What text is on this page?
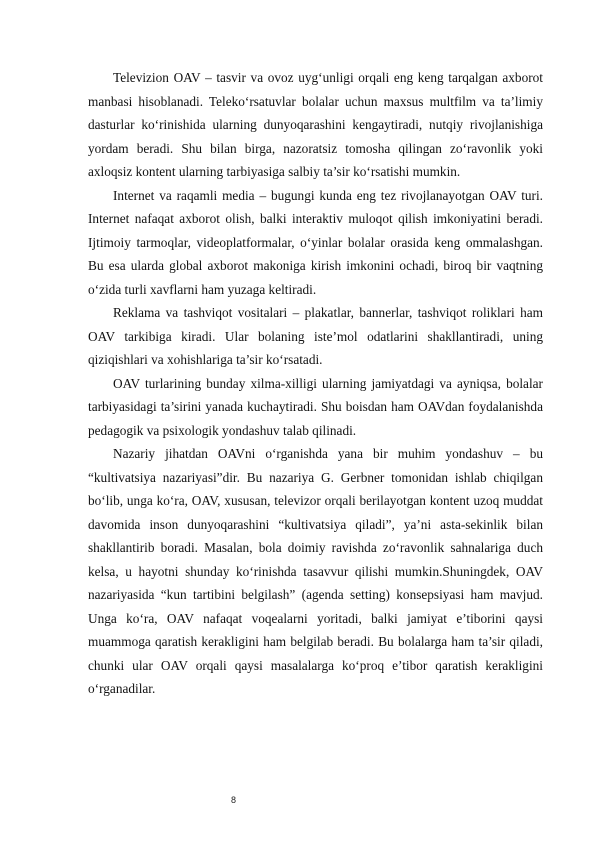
Televizion OAV – tasvir va ovoz uyg‘unligi orqali eng keng tarqalgan axborot manbasi hisoblanadi. Teleko‘rsatuvlar bolalar uchun maxsus multfilm va ta’limiy dasturlar ko‘rinishida ularning dunyoqarashini kengaytiradi, nutqiy rivojlanishiga yordam beradi. Shu bilan birga, nazoratsiz tomosha qilingan zo‘ravonlik yoki axloqsiz kontent ularning tarbiyasiga salbiy ta’sir ko‘rsatishi mumkin.

Internet va raqamli media – bugungi kunda eng tez rivojlanayotgan OAV turi. Internet nafaqat axborot olish, balki interaktiv muloqot qilish imkoniyatini beradi. Ijtimoiy tarmoqlar, videoplatformalar, o‘yinlar bolalar orasida keng ommalashgan. Bu esa ularda global axborot makoniga kirish imkonini ochadi, biroq bir vaqtning o‘zida turli xavflarni ham yuzaga keltiradi.

Reklama va tashviqot vositalari – plakatlar, bannerlar, tashviqot roliklari ham OAV tarkibiga kiradi. Ular bolaning iste’mol odatlarini shakllantiradi, uning qiziqishlari va xohishlariga ta’sir ko‘rsatadi.

OAV turlarining bunday xilma-xilligi ularning jamiyatdagi va ayniqsa, bolalar tarbiyasidagi ta’sirini yanada kuchaytiradi. Shu boisdan ham OAVdan foydalanishda pedagogik va psixologik yondashuv talab qilinadi.

Nazariy jihatdan OAVni o‘rganishda yana bir muhim yondashuv – bu “kultivatsiya nazariyasi”dir. Bu nazariya G. Gerbner tomonidan ishlab chiqilgan bo‘lib, unga ko‘ra, OAV, xususan, televizor orqali berilayotgan kontent uzoq muddat davomida inson dunyoqarashini “kultivatsiya qiladi”, ya’ni asta-sekinlik bilan shakllantirib boradi. Masalan, bola doimiy ravishda zo‘ravonlik sahnalariga duch kelsa, u hayotni shunday ko‘rinishda tasavvur qilishi mumkin.Shuningdek, OAV nazariyasida “kun tartibini belgilash” (agenda setting) konsepsiyasi ham mavjud. Unga ko‘ra, OAV nafaqat voqealarni yoritadi, balki jamiyat e’tiborini qaysi muammoga qaratish kerakligini ham belgilab beradi. Bu bolalarga ham ta’sir qiladi, chunki ular OAV orqali qaysi masalalarga ko‘proq e’tibor qaratish kerakligini o‘rganadilar.

8
